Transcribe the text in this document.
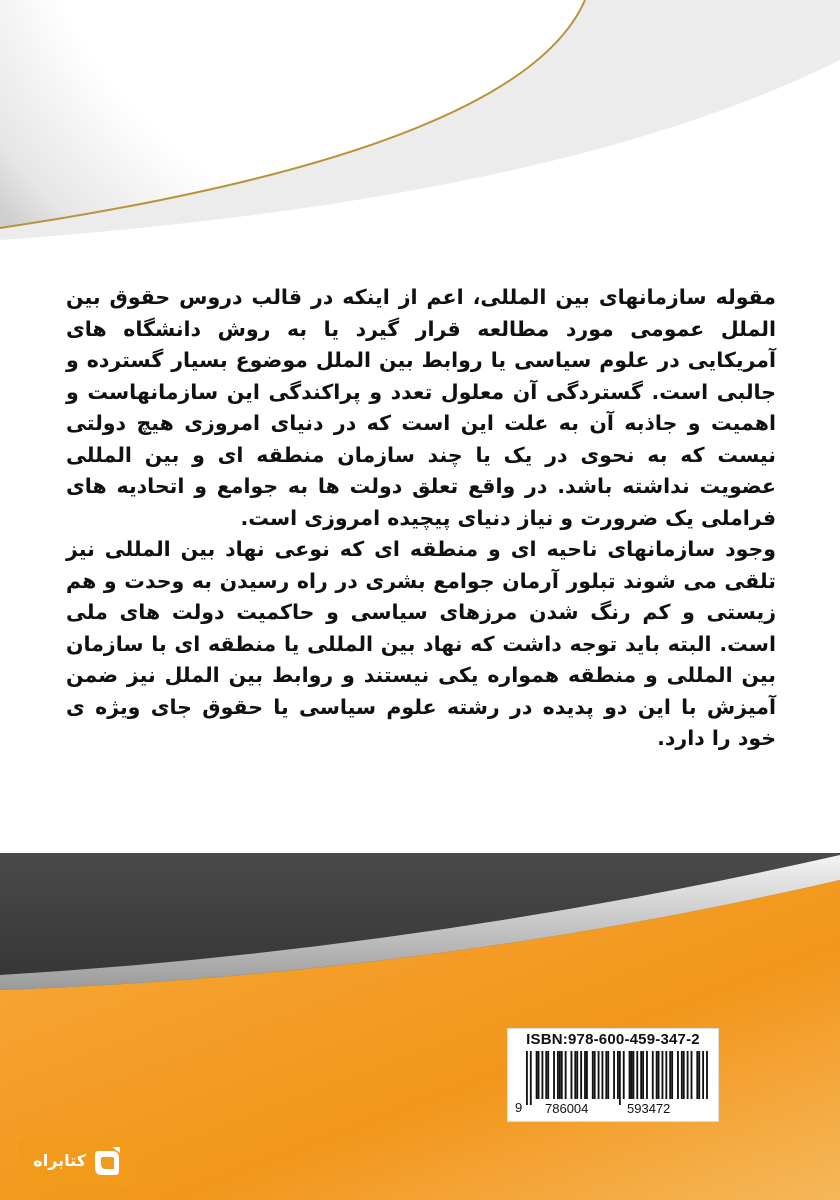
مقوله سازمانهای بین المللی، اعم از اینکه در قالب دروس حقوق بین الملل عمومی مورد مطالعه قرار گیرد یا به روش دانشگاه های آمریکایی در علوم سیاسی یا روابط بین الملل موضوع بسیار گسترده و جالبی است. گستردگی آن معلول تعدد و پراکندگی این سازمانهاست و اهمیت و جاذبه آن به علت این است که در دنیای امروزی هیچ دولتی نیست که به نحوی در یک یا چند سازمان منطقه ای و بین المللی عضویت نداشته باشد. در واقع تعلق دولت ها به جوامع و اتحادیه های فراملی یک ضرورت و نیاز دنیای پیچیده امروزی است.

وجود سازمانهای ناحیه ای و منطقه ای که نوعی نهاد بین المللی نیز تلقی می شوند تبلور آرمان جوامع بشری در راه رسیدن به وحدت و هم زیستی و کم رنگ شدن مرزهای سیاسی و حاکمیت دولت های ملی است. البته باید توجه داشت که نهاد بین المللی یا منطقه ای با سازمان بین المللی و منطقه همواره یکی نیستند و روابط بین الملل نیز ضمن آمیزش با این دو پدیده در رشته علوم سیاسی یا حقوق جای ویژه ی خود را دارد.

ISBN:978-600-459-347-2
9 786004	593472
کتابراه
